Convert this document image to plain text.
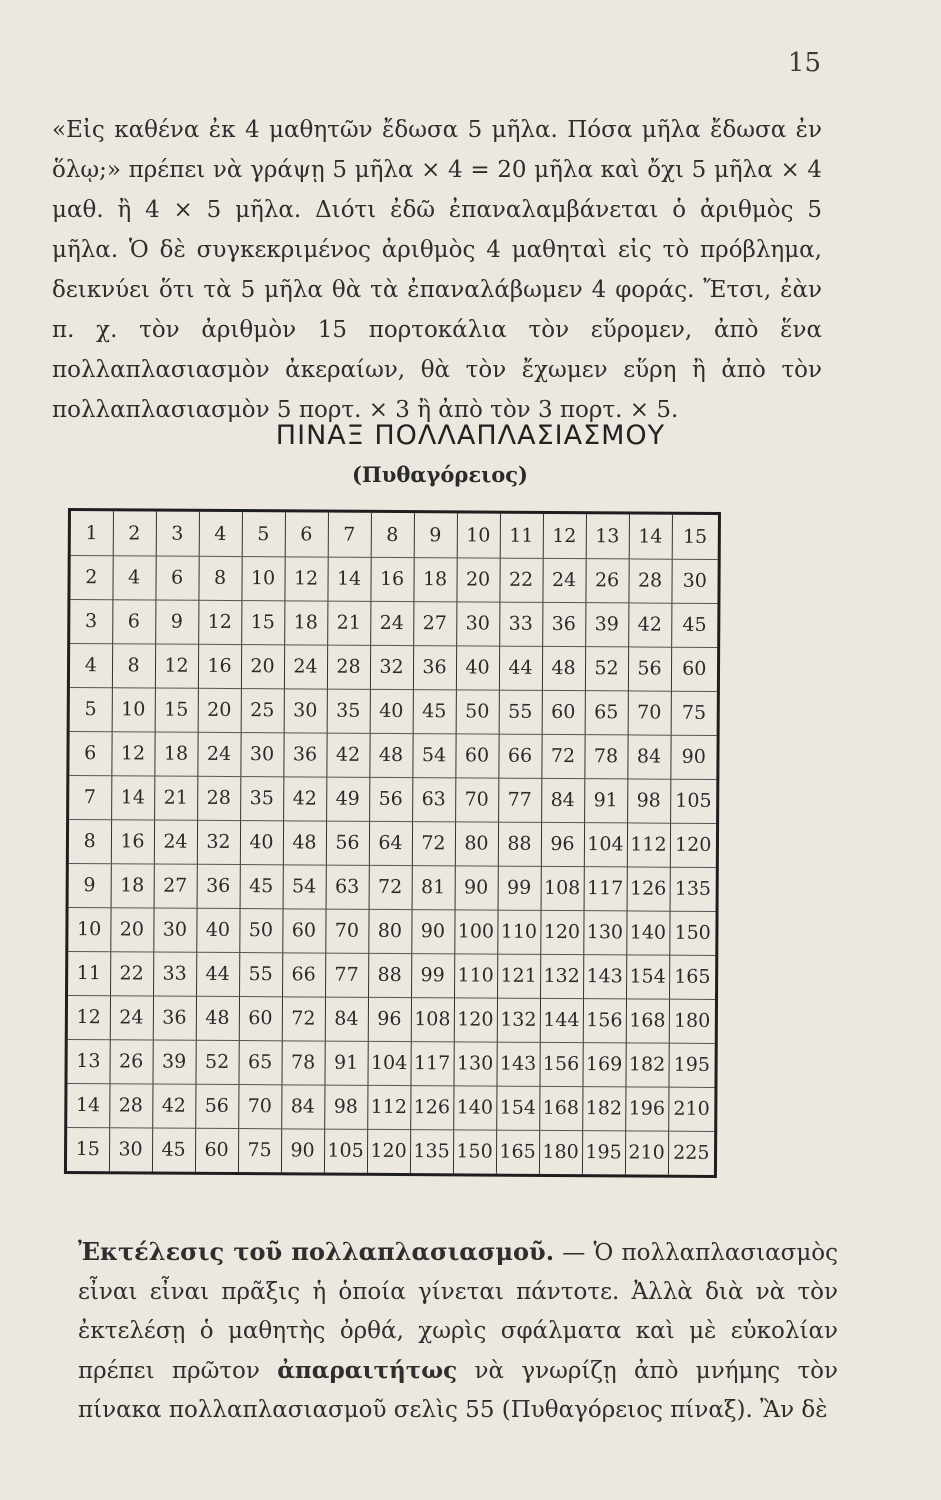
15
«Εἰς καθένα ἐκ 4 μαθητῶν ἔδωσα 5 μῆλα. Πόσα μῆλα ἔδωσα ἐν ὅλῳ;» πρέπει νὰ γράψῃ 5 μῆλα × 4 = 20 μῆλα καὶ ὄχι 5 μῆλα × 4 μαθ. ἢ 4 × 5 μῆλα. Διότι ἐδῶ ἐπαναλαμβάνεται ὁ ἀριθμὸς 5 μῆλα. Ὁ δὲ συγκεκριμένος ἀριθμὸς 4 μαθηταὶ εἰς τὸ πρόβλημα, δεικνύει ὅτι τὰ 5 μῆλα θὰ τὰ ἐπαναλάβωμεν 4 φοράς. Ἔτσι, ἐὰν π. χ. τὸν ἀριθμὸν 15 πορτοκάλια τὸν εὕρομεν, ἀπὸ ἕνα πολλαπλασιασμὸν ἀκεραίων, θὰ τὸν ἔχωμεν εὕρη ἢ ἀπὸ τὸν πολλαπλασιασμὸν 5 πορτ. × 3 ἢ ἀπὸ τὸν 3 πορτ. × 5.
ΠΙΝΑΞ ΠΟΛΛΑΠΛΑΣΙΑΣΜΟΥ
(Πυθαγόρειος)
1	2	3	4	5	6	7	8	9	10	11	12	13	14	15
2	4	6	8	10	12	14	16	18	20	22	24	26	28	30
3	6	9	12	15	18	21	24	27	30	33	36	39	42	45
4	8	12	16	20	24	28	32	36	40	44	48	52	56	60
5	10	15	20	25	30	35	40	45	50	55	60	65	70	75
6	12	18	24	30	36	42	48	54	60	66	72	78	84	90
7	14	21	28	35	42	49	56	63	70	77	84	91	98	105
8	16	24	32	40	48	56	64	72	80	88	96	104	112	120
9	18	27	36	45	54	63	72	81	90	99	108	117	126	135
10	20	30	40	50	60	70	80	90	100	110	120	130	140	150
11	22	33	44	55	66	77	88	99	110	121	132	143	154	165
12	24	36	48	60	72	84	96	108	120	132	144	156	168	180
13	26	39	52	65	78	91	104	117	130	143	156	169	182	195
14	28	42	56	70	84	98	112	126	140	154	168	182	196	210
15	30	45	60	75	90	105	120	135	150	165	180	195	210	225
Ἐκτέλεσις τοῦ πολλαπλασιασμοῦ. — Ὁ πολλαπλασιασμὸς εἶναι εἶναι πρᾶξις ἡ ὁποία γίνεται πάντοτε. Ἀλλὰ διὰ νὰ τὸν ἐκτελέσῃ ὁ μαθητὴς ὀρθά, χωρὶς σφάλματα καὶ μὲ εὐκολίαν πρέπει πρῶτον ἀπαραιτήτως νὰ γνωρίζῃ ἀπὸ μνήμης τὸν πίνακα πολλαπλασιασμοῦ σελὶς 55 (Πυθαγόρειος πίναξ). Ἂν δὲ
